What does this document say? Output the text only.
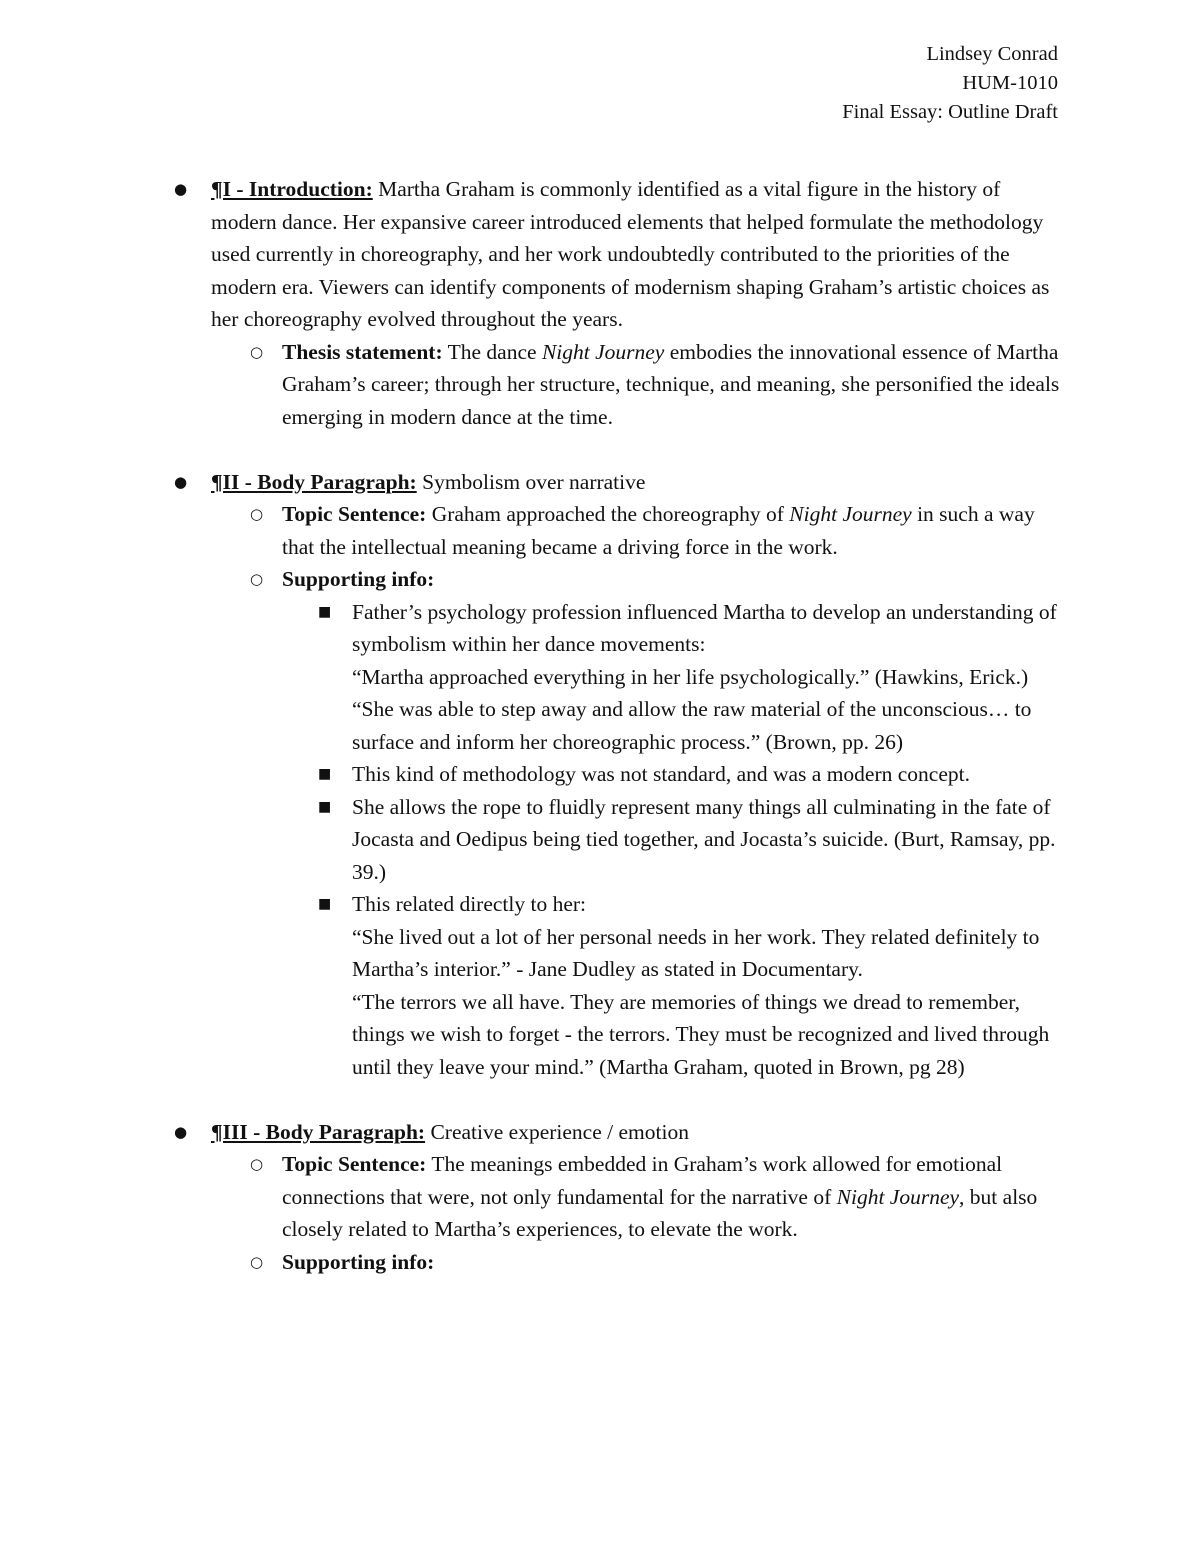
Lindsey Conrad
HUM-1010
Final Essay: Outline Draft
● ¶I - Introduction: Martha Graham is commonly identified as a vital figure in the history of modern dance. Her expansive career introduced elements that helped formulate the methodology used currently in choreography, and her work undoubtedly contributed to the priorities of the modern era. Viewers can identify components of modernism shaping Graham’s artistic choices as her choreography evolved throughout the years.
○ Thesis statement: The dance Night Journey embodies the innovational essence of Martha Graham’s career; through her structure, technique, and meaning, she personified the ideals emerging in modern dance at the time.
● ¶II - Body Paragraph: Symbolism over narrative
○ Topic Sentence: Graham approached the choreography of Night Journey in such a way that the intellectual meaning became a driving force in the work.
○ Supporting info:
■ Father’s psychology profession influenced Martha to develop an understanding of symbolism within her dance movements:
“Martha approached everything in her life psychologically.” (Hawkins, Erick.)
“She was able to step away and allow the raw material of the unconscious… to surface and inform her choreographic process.” (Brown, pp. 26)
■ This kind of methodology was not standard, and was a modern concept.
■ She allows the rope to fluidly represent many things all culminating in the fate of Jocasta and Oedipus being tied together, and Jocasta’s suicide. (Burt, Ramsay, pp. 39.)
■ This related directly to her:
“She lived out a lot of her personal needs in her work. They related definitely to Martha’s interior.” - Jane Dudley as stated in Documentary.
“The terrors we all have. They are memories of things we dread to remember, things we wish to forget - the terrors. They must be recognized and lived through until they leave your mind.” (Martha Graham, quoted in Brown, pg 28)
● ¶III - Body Paragraph: Creative experience / emotion
○ Topic Sentence: The meanings embedded in Graham’s work allowed for emotional connections that were, not only fundamental for the narrative of Night Journey, but also closely related to Martha’s experiences, to elevate the work.
○ Supporting info:
